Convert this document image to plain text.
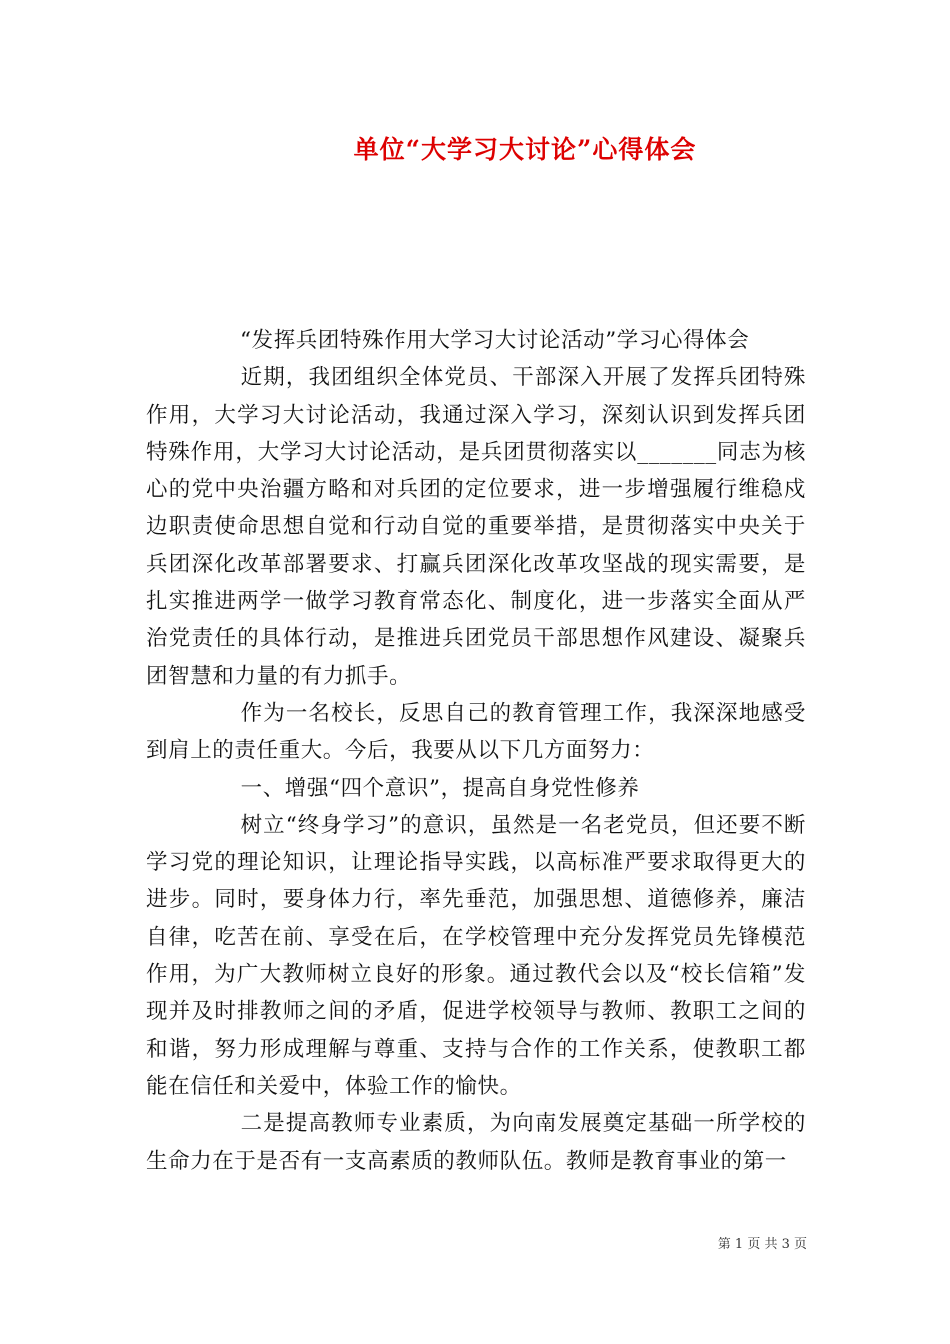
单位“大学习大讨论”心得体会

“发挥兵团特殊作用大学习大讨论活动”学习心得体会

近期，我团组织全体党员、干部深入开展了发挥兵团特殊作用，大学习大讨论活动，我通过深入学习，深刻认识到发挥兵团特殊作用，大学习大讨论活动，是兵团贯彻落实以_______同志为核心的党中央治疆方略和对兵团的定位要求，进一步增强履行维稳戍边职责使命思想自觉和行动自觉的重要举措，是贯彻落实中央关于兵团深化改革部署要求、打赢兵团深化改革攻坚战的现实需要，是扎实推进两学一做学习教育常态化、制度化，进一步落实全面从严治党责任的具体行动，是推进兵团党员干部思想作风建设、凝聚兵团智慧和力量的有力抓手。

作为一名校长，反思自己的教育管理工作，我深深地感受到肩上的责任重大。今后，我要从以下几方面努力：

一、增强“四个意识”，提高自身党性修养

树立“终身学习”的意识，虽然是一名老党员，但还要不断学习党的理论知识，让理论指导实践，以高标准严要求取得更大的进步。同时，要身体力行，率先垂范，加强思想、道德修养，廉洁自律，吃苦在前、享受在后，在学校管理中充分发挥党员先锋模范作用，为广大教师树立良好的形象。通过教代会以及“校长信箱”发现并及时排教师之间的矛盾，促进学校领导与教师、教职工之间的和谐，努力形成理解与尊重、支持与合作的工作关系，使教职工都能在信任和关爱中，体验工作的愉快。

二是提高教师专业素质，为向南发展奠定基础一所学校的生命力在于是否有一支高素质的教师队伍。教师是教育事业的第一

第 1 页 共 3 页
